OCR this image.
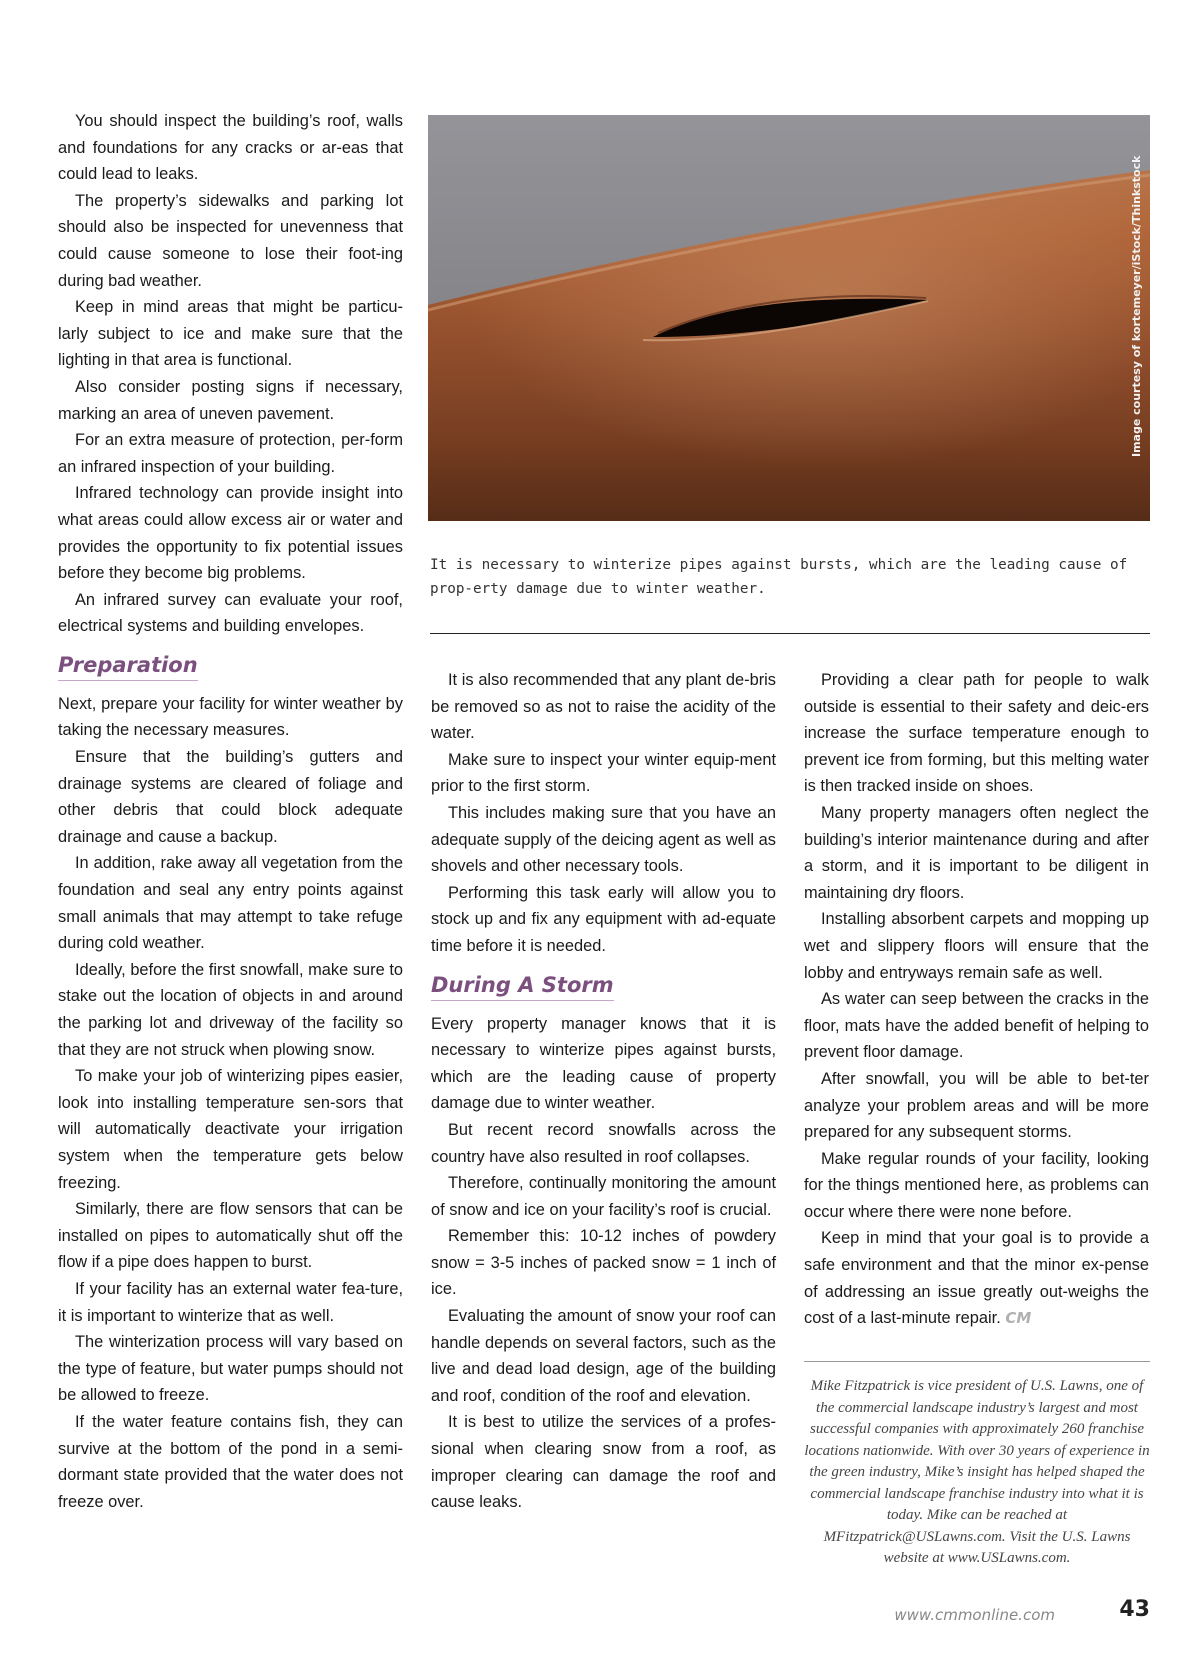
You should inspect the building’s roof, walls and foundations for any cracks or ar-eas that could lead to leaks.

The property’s sidewalks and parking lot should also be inspected for unevenness that could cause someone to lose their foot-ing during bad weather.

Keep in mind areas that might be particu-larly subject to ice and make sure that the lighting in that area is functional.

Also consider posting signs if necessary, marking an area of uneven pavement.

For an extra measure of protection, per-form an infrared inspection of your building.

Infrared technology can provide insight into what areas could allow excess air or water and provides the opportunity to fix potential issues before they become big problems.

An infrared survey can evaluate your roof, electrical systems and building envelopes.

Preparation

Next, prepare your facility for winter weather by taking the necessary measures.

Ensure that the building’s gutters and drainage systems are cleared of foliage and other debris that could block adequate drainage and cause a backup.

In addition, rake away all vegetation from the foundation and seal any entry points against small animals that may attempt to take refuge during cold weather.

Ideally, before the first snowfall, make sure to stake out the location of objects in and around the parking lot and driveway of the facility so that they are not struck when plowing snow.

To make your job of winterizing pipes easier, look into installing temperature sen-sors that will automatically deactivate your irrigation system when the temperature gets below freezing.

Similarly, there are flow sensors that can be installed on pipes to automatically shut off the flow if a pipe does happen to burst.

If your facility has an external water fea-ture, it is important to winterize that as well.

The winterization process will vary based on the type of feature, but water pumps should not be allowed to freeze.

If the water feature contains fish, they can survive at the bottom of the pond in a semi-dormant state provided that the water does not freeze over.

Image courtesy of kortemeyer/iStock/Thinkstock
It is necessary to winterize pipes against bursts, which are the leading cause of prop-erty damage due to winter weather.

It is also recommended that any plant de-bris be removed so as not to raise the acidity of the water.

Make sure to inspect your winter equip-ment prior to the first storm.

This includes making sure that you have an adequate supply of the deicing agent as well as shovels and other necessary tools.

Performing this task early will allow you to stock up and fix any equipment with ad-equate time before it is needed.

During A Storm

Every property manager knows that it is necessary to winterize pipes against bursts, which are the leading cause of property damage due to winter weather.

But recent record snowfalls across the country have also resulted in roof collapses.

Therefore, continually monitoring the amount of snow and ice on your facility’s roof is crucial.

Remember this: 10-12 inches of powdery snow = 3-5 inches of packed snow = 1 inch of ice.

Evaluating the amount of snow your roof can handle depends on several factors, such as the live and dead load design, age of the building and roof, condition of the roof and elevation.

It is best to utilize the services of a profes-sional when clearing snow from a roof, as improper clearing can damage the roof and cause leaks.

Providing a clear path for people to walk outside is essential to their safety and deic-ers increase the surface temperature enough to prevent ice from forming, but this melting water is then tracked inside on shoes.

Many property managers often neglect the building’s interior maintenance during and after a storm, and it is important to be diligent in maintaining dry floors.

Installing absorbent carpets and mopping up wet and slippery floors will ensure that the lobby and entryways remain safe as well.

As water can seep between the cracks in the floor, mats have the added benefit of helping to prevent floor damage.

After snowfall, you will be able to bet-ter analyze your problem areas and will be more prepared for any subsequent storms.

Make regular rounds of your facility, looking for the things mentioned here, as problems can occur where there were none before.

Keep in mind that your goal is to provide a safe environment and that the minor ex-pense of addressing an issue greatly out-weighs the cost of a last-minute repair. CM

Mike Fitzpatrick is vice president of U.S. Lawns, one of the commercial landscape industry’s largest and most successful companies with approximately 260 franchise locations nationwide. With over 30 years of experience in the green industry, Mike’s insight has helped shaped the commercial landscape franchise industry into what it is today. Mike can be reached at MFitzpatrick@USLawns.com. Visit the U.S. Lawns website at www.USLawns.com.
www.cmmonline.com	43
